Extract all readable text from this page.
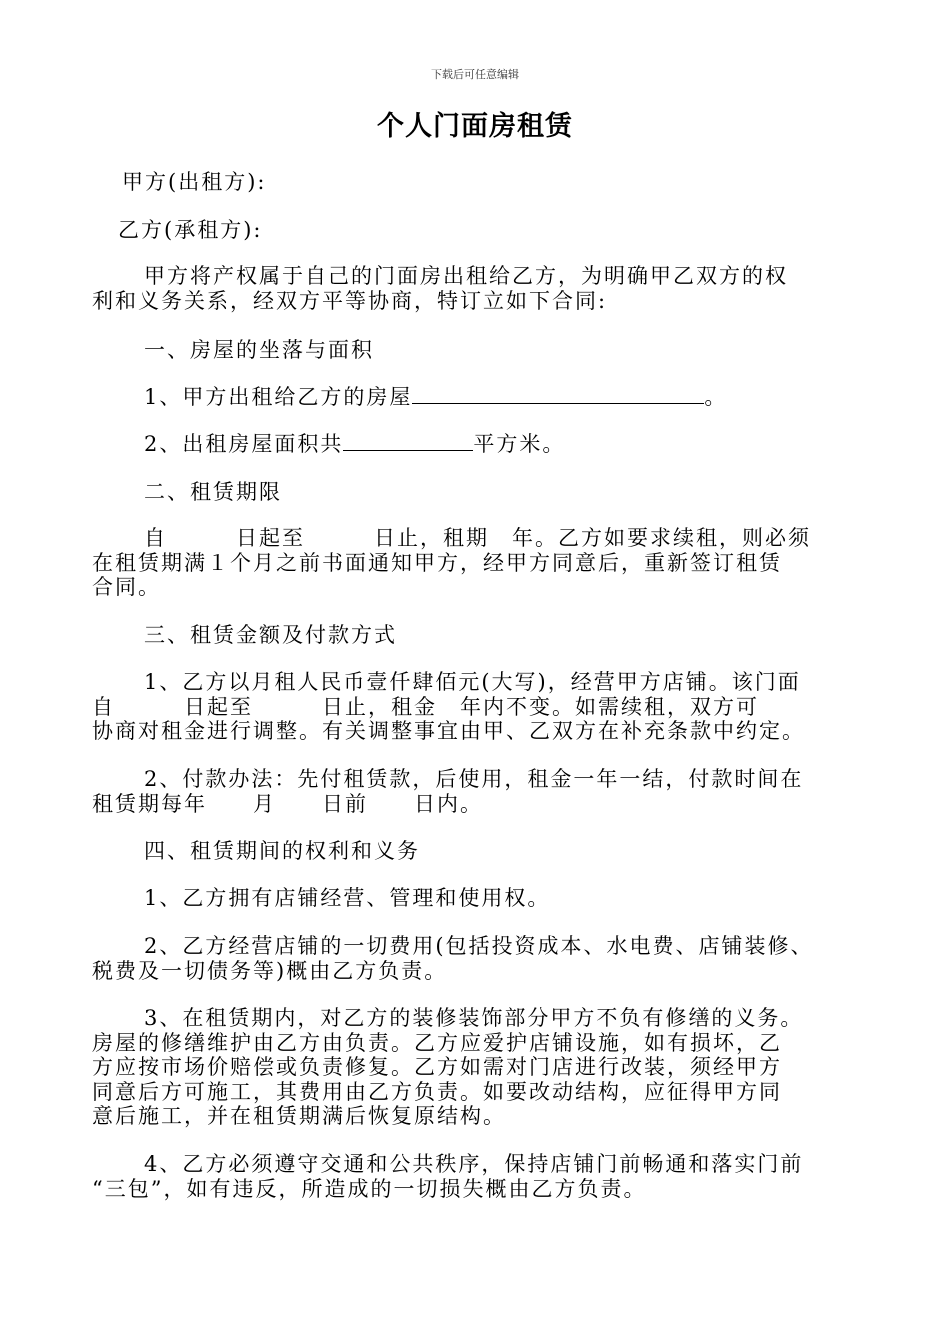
下载后可任意编辑
个人门面房租赁
甲方(出租方):
乙方(承租方):
甲方将产权属于自己的门面房出租给乙方，为明确甲乙双方的权
利和义务关系，经双方平等协商，特订立如下合同:
一、房屋的坐落与面积
1、甲方出租给乙方的房屋	。
2、出租房屋面积共	平方米。
二、租赁期限
自　　　日起至　　　日止，租期　年。乙方如要求续租，则必须
在租赁期满１个月之前书面通知甲方，经甲方同意后，重新签订租赁
合同。
三、租赁金额及付款方式
1、乙方以月租人民币壹仟肆佰元(大写)，经营甲方店铺。该门面
自　　　日起至　　　日止，租金　年内不变。如需续租，双方可
协商对租金进行调整。有关调整事宜由甲、乙双方在补充条款中约定。
2、付款办法：先付租赁款，后使用，租金一年一结，付款时间在
租赁期每年　　月　　日前　　日内。
四、租赁期间的权利和义务
1、乙方拥有店铺经营、管理和使用权。
2、乙方经营店铺的一切费用(包括投资成本、水电费、店铺装修、
税费及一切债务等)概由乙方负责。
3、在租赁期内，对乙方的装修装饰部分甲方不负有修缮的义务。
房屋的修缮维护由乙方由负责。乙方应爱护店铺设施，如有损坏，乙
方应按市场价赔偿或负责修复。乙方如需对门店进行改装，须经甲方
同意后方可施工，其费用由乙方负责。如要改动结构，应征得甲方同
意后施工，并在租赁期满后恢复原结构。
4、乙方必须遵守交通和公共秩序，保持店铺门前畅通和落实门前
“三包”，如有违反，所造成的一切损失概由乙方负责。
